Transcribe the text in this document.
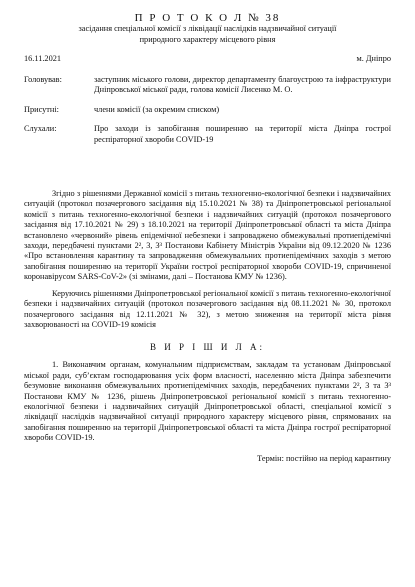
П Р О Т О К О Л № 38
засідання спеціальної комісії з ліквідації наслідків надзвичайної ситуації
природного характеру місцевого рівня
16.11.2021	м. Дніпро
Головував:	заступник міського голови, директор департаменту благоустрою та інфраструктури Дніпровської міської ради, голова комісії Лисенко М. О.
Присутні:	члени комісії (за окремим списком)
Слухали:	Про заходи із запобігання поширенню на території міста Дніпра гострої респіраторної хвороби COVID-19

Згідно з рішеннями Державної комісії з питань техногенно-екологічної безпеки і надзвичайних ситуацій (протокол позачергового засідання від 15.10.2021 № 38) та Дніпропетровської регіональної комісії з питань техногенно-екологічної безпеки і надзвичайних ситуацій (протокол позачергового засідання від 17.10.2021 № 29) з 18.10.2021 на території Дніпропетровської області та міста Дніпра встановлено «червоний» рівень епідемічної небезпеки і запроваджено обмежувальні протиепідемічні заходи, передбачені пунктами 2², 3, 3³ Постанови Кабінету Міністрів України від 09.12.2020 № 1236 «Про встановлення карантину та запровадження обмежувальних протиепідемічних заходів з метою запобігання поширенню на території України гострої респіраторної хвороби COVID-19, спричиненої коронавірусом SARS-CoV-2» (зі змінами, далі – Постанова КМУ № 1236).

Керуючись рішеннями Дніпропетровської регіональної комісії з питань техногенно-екологічної безпеки і надзвичайних ситуацій (протокол позачергового засідання від 08.11.2021 № 30, протокол позачергового засідання від 12.11.2021 № 32), з метою зниження на території міста рівня захворюваності на COVID-19 комісія

В И Р І Ш И Л А:

1. Виконавчим органам, комунальним підприємствам, закладам та установам Дніпровської міської ради, суб’єктам господарювання усіх форм власності, населенню міста Дніпра забезпечити безумовне виконання обмежувальних протиепідемічних заходів, передбачених пунктами 2², 3 та 3³ Постанови КМУ № 1236, рішень Дніпропетровської регіональної комісії з питань техногенно-екологічної безпеки і надзвичайних ситуацій Дніпропетровської області, спеціальної комісії з ліквідації наслідків надзвичайної ситуації природного характеру місцевого рівня, спрямованих на запобігання поширенню на території Дніпропетровської області та міста Дніпра гострої респіраторної хвороби COVID-19.

Термін: постійно на період карантину
